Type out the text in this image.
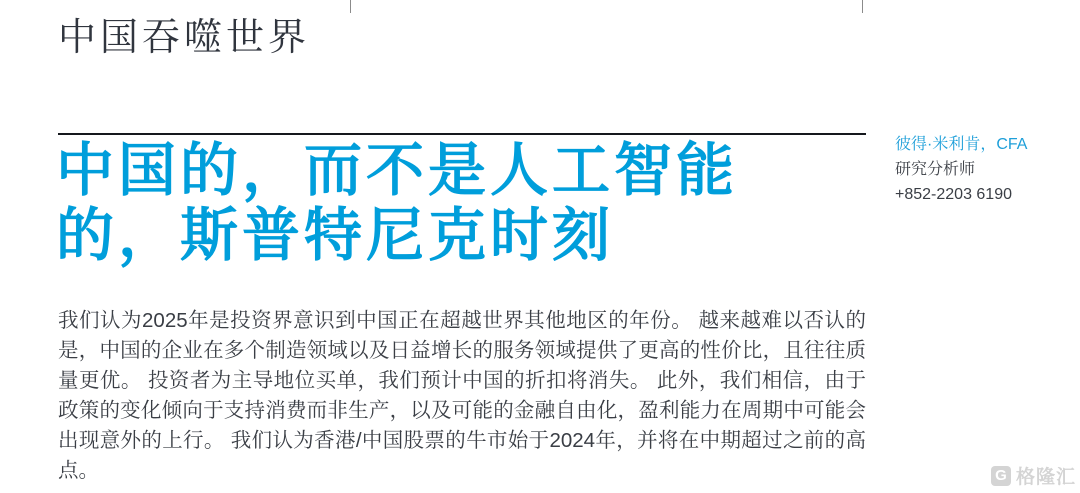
中国吞噬世界
中国的，而不是人工智能
的，斯普特尼克时刻

我们认为2025年是投资界意识到中国正在超越世界其他地区的年份。 越来越难以否认的是，中国的企业在多个制造领域以及日益增长的服务领域提供了更高的性价比，且往往质量更优。 投资者为主导地位买单，我们预计中国的折扣将消失。 此外，我们相信，由于政策的变化倾向于支持消费而非生产，以及可能的金融自由化，盈利能力在周期中可能会出现意外的上行。 我们认为香港/中国股票的牛市始于2024年，并将在中期超过之前的高点。

彼得·米利肯，CFA
研究分析师
+852-2203 6190
G 格隆汇
